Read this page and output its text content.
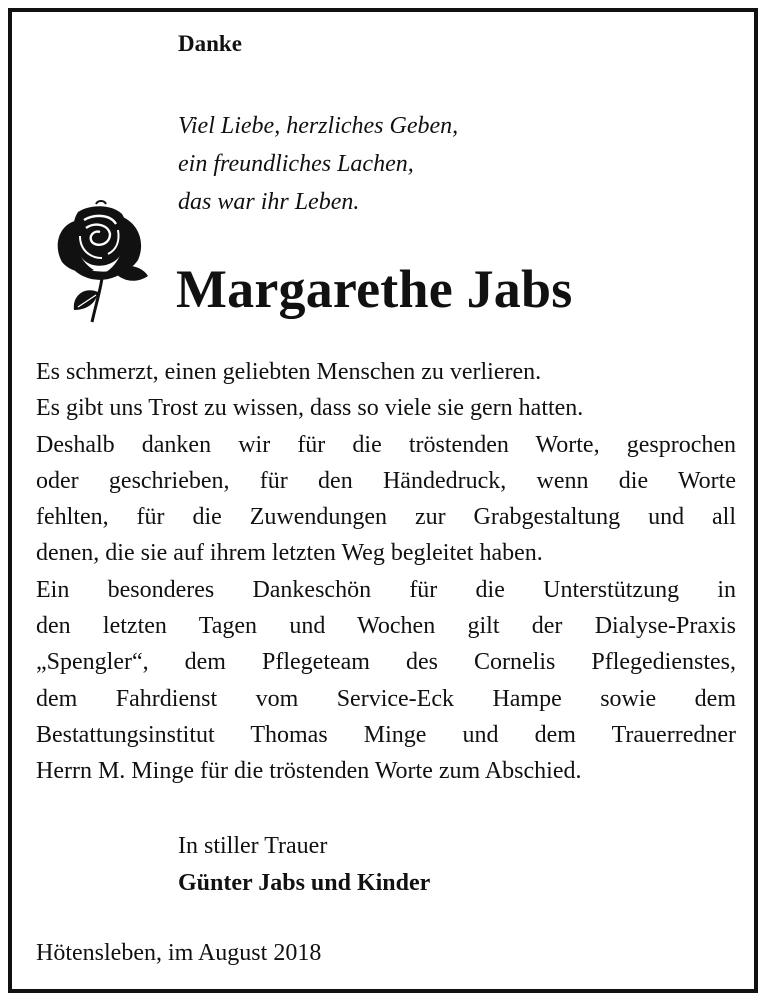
Danke
Viel Liebe, herzliches Geben,
ein freundliches Lachen,
das war ihr Leben.
Margarethe Jabs
Es schmerzt, einen geliebten Menschen zu verlieren.
Es gibt uns Trost zu wissen, dass so viele sie gern hatten.
Deshalb danken wir für die tröstenden Worte, gesprochen
oder geschrieben, für den Händedruck, wenn die Worte
fehlten, für die Zuwendungen zur Grabgestaltung und all
denen, die sie auf ihrem letzten Weg begleitet haben.
Ein besonderes Dankeschön für die Unterstützung in
den letzten Tagen und Wochen gilt der Dialyse-Praxis
„Spengler“, dem Pflegeteam des Cornelis Pflegedienstes,
dem Fahrdienst vom Service-Eck Hampe sowie dem
Bestattungsinstitut Thomas Minge und dem Trauerredner
Herrn M. Minge für die tröstenden Worte zum Abschied.
In stiller Trauer
Günter Jabs und Kinder
Hötensleben, im August 2018
